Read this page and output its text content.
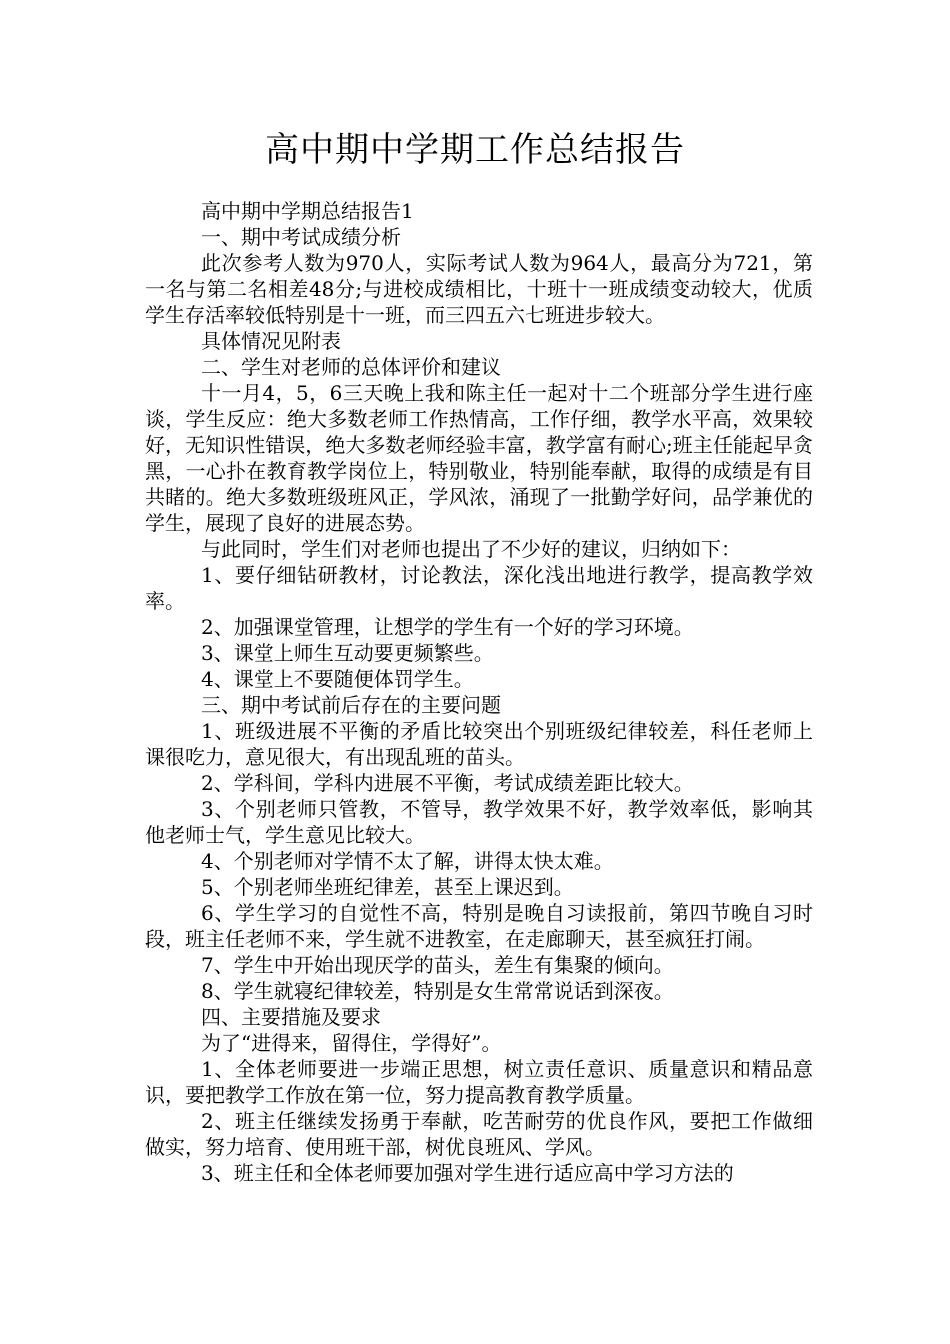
高中期中学期工作总结报告

高中期中学期总结报告1

一、期中考试成绩分析

此次参考人数为970人，实际考试人数为964人，最高分为721，第一名与第二名相差48分;与进校成绩相比，十班十一班成绩变动较大，优质学生存活率较低特别是十一班，而三四五六七班进步较大。

具体情况见附表

二、学生对老师的总体评价和建议

十一月4，5，6三天晚上我和陈主任一起对十二个班部分学生进行座谈，学生反应：绝大多数老师工作热情高，工作仔细，教学水平高，效果较好，无知识性错误，绝大多数老师经验丰富，教学富有耐心;班主任能起早贪黑，一心扑在教育教学岗位上，特别敬业，特别能奉献，取得的成绩是有目共睹的。绝大多数班级班风正，学风浓，涌现了一批勤学好问，品学兼优的学生，展现了良好的进展态势。

与此同时，学生们对老师也提出了不少好的建议，归纳如下：

1、要仔细钻研教材，讨论教法，深化浅出地进行教学，提高教学效率。

2、加强课堂管理，让想学的学生有一个好的学习环境。

3、课堂上师生互动要更频繁些。

4、课堂上不要随便体罚学生。

三、期中考试前后存在的主要问题

1、班级进展不平衡的矛盾比较突出个别班级纪律较差，科任老师上课很吃力，意见很大，有出现乱班的苗头。

2、学科间，学科内进展不平衡，考试成绩差距比较大。

3、个别老师只管教，不管导，教学效果不好，教学效率低，影响其他老师士气，学生意见比较大。

4、个别老师对学情不太了解，讲得太快太难。

5、个别老师坐班纪律差，甚至上课迟到。

6、学生学习的自觉性不高，特别是晚自习读报前，第四节晚自习时段，班主任老师不来，学生就不进教室，在走廊聊天，甚至疯狂打闹。

7、学生中开始出现厌学的苗头，差生有集聚的倾向。

8、学生就寝纪律较差，特别是女生常常说话到深夜。

四、主要措施及要求

为了“进得来，留得住，学得好”。

1、全体老师要进一步端正思想，树立责任意识、质量意识和精品意识，要把教学工作放在第一位，努力提高教育教学质量。

2、班主任继续发扬勇于奉献，吃苦耐劳的优良作风，要把工作做细做实，努力培育、使用班干部，树优良班风、学风。

3、班主任和全体老师要加强对学生进行适应高中学习方法的
